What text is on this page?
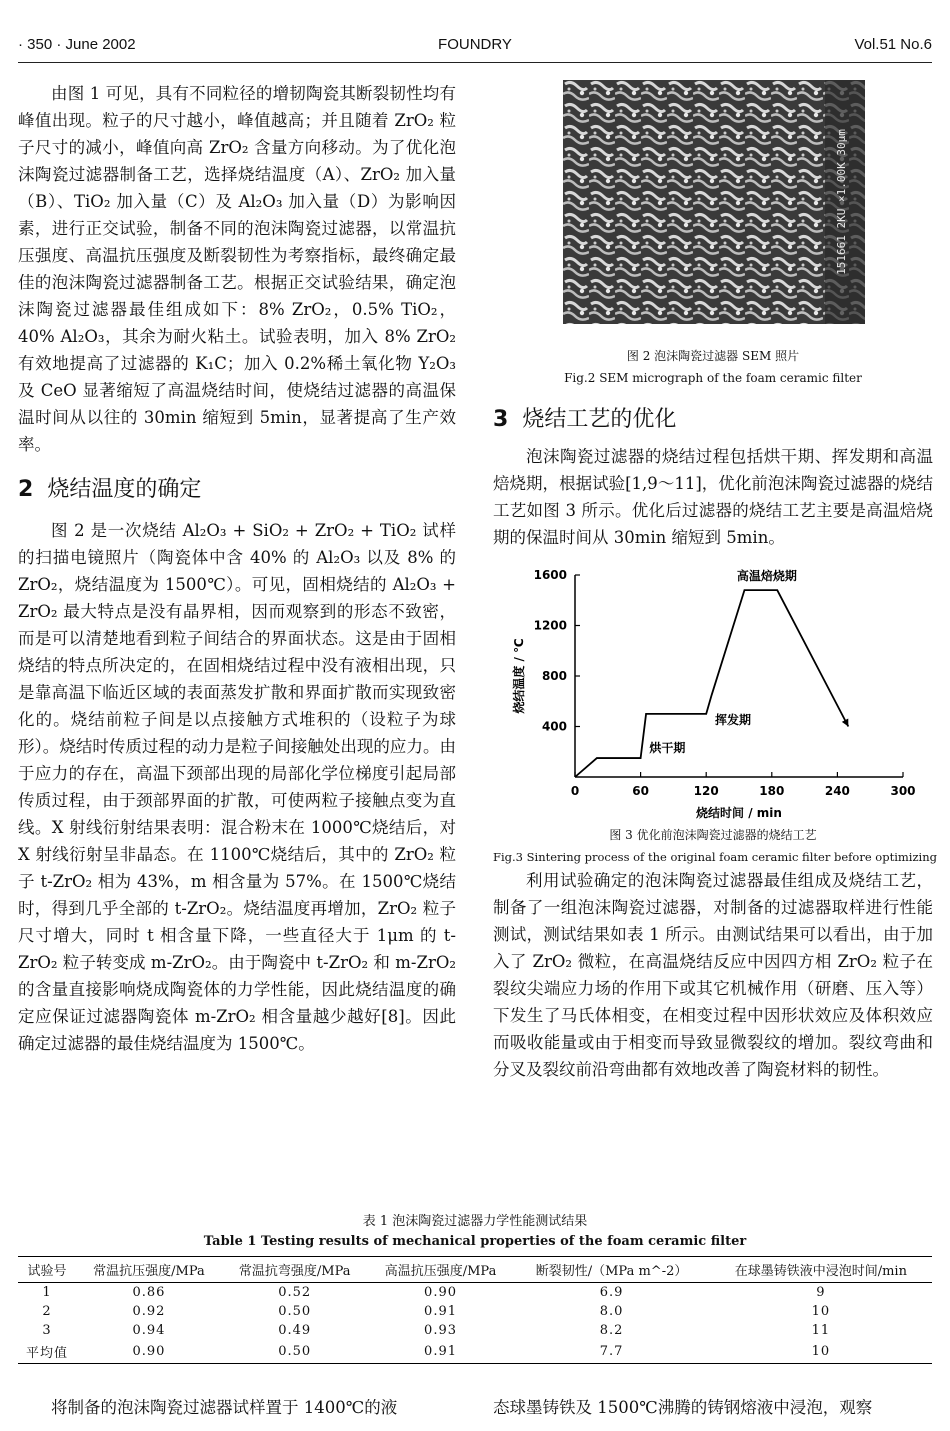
· 350 · June 2002	FOUNDRY	Vol.51 No.6

由图 1 可见，具有不同粒径的增韧陶瓷其断裂韧性均有峰值出现。粒子的尺寸越小，峰值越高；并且随着 ZrO₂ 粒子尺寸的减小，峰值向高 ZrO₂ 含量方向移动。为了优化泡沫陶瓷过滤器制备工艺，选择烧结温度（A）、ZrO₂ 加入量（B）、TiO₂ 加入量（C）及 Al₂O₃ 加入量（D）为影响因素，进行正交试验，制备不同的泡沫陶瓷过滤器，以常温抗压强度、高温抗压强度及断裂韧性为考察指标，最终确定最佳的泡沫陶瓷过滤器制备工艺。根据正交试验结果，确定泡沫陶瓷过滤器最佳组成如下：8% ZrO₂，0.5% TiO₂，40% Al₂O₃，其余为耐火粘土。试验表明，加入 8% ZrO₂ 有效地提高了过滤器的 K₁C；加入 0.2%稀土氧化物 Y₂O₃ 及 CeO 显著缩短了高温烧结时间，使烧结过滤器的高温保温时间从以往的 30min 缩短到 5min，显著提高了生产效率。

2 烧结温度的确定

图 2 是一次烧结 Al₂O₃ + SiO₂ + ZrO₂ + TiO₂ 试样的扫描电镜照片（陶瓷体中含 40% 的 Al₂O₃ 以及 8% 的 ZrO₂，烧结温度为 1500℃）。可见，固相烧结的 Al₂O₃ + ZrO₂ 最大特点是没有晶界相，因而观察到的形态不致密，而是可以清楚地看到粒子间结合的界面状态。这是由于固相烧结的特点所决定的，在固相烧结过程中没有液相出现，只是靠高温下临近区域的表面蒸发扩散和界面扩散而实现致密化的。烧结前粒子间是以点接触方式堆积的（设粒子为球形）。烧结时传质过程的动力是粒子间接触处出现的应力。由于应力的存在，高温下颈部出现的局部化学位梯度引起局部传质过程，由于颈部界面的扩散，可使两粒子接触点变为直线。X 射线衍射结果表明：混合粉末在 1000℃烧结后，对 X 射线衍射呈非晶态。在 1100℃烧结后，其中的 ZrO₂ 粒子 t-ZrO₂ 相为 43%，m 相含量为 57%。在 1500℃烧结时，得到几乎全部的 t-ZrO₂。烧结温度再增加，ZrO₂ 粒子尺寸增大，同时 t 相含量下降，一些直径大于 1μm 的 t-ZrO₂ 粒子转变成 m-ZrO₂。由于陶瓷中 t-ZrO₂ 和 m-ZrO₂ 的含量直接影响烧成陶瓷体的力学性能，因此烧结温度的确定应保证过滤器陶瓷体 m-ZrO₂ 相含量越少越好[8]。因此确定过滤器的最佳烧结温度为 1500℃。

151661 2KU ×1.00K 30μm

图 2 泡沫陶瓷过滤器 SEM 照片

Fig.2 SEM micrograph of the foam ceramic filter

3 烧结工艺的优化

泡沫陶瓷过滤器的烧结过程包括烘干期、挥发期和高温焙烧期，根据试验[1,9～11]，优化前泡沫陶瓷过滤器的烧结工艺如图 3 所示。优化后过滤器的烧结工艺主要是高温焙烧期的保温时间从 30min 缩短到 5min。

0	60	120	180	240	300
400
800
1200
1600
烧结时间 / min
烧结温度 / ℃
烘干期
挥发期
高温焙烧期

图 3 优化前泡沫陶瓷过滤器的烧结工艺

Fig.3 Sintering process of the original foam ceramic filter before optimizing

利用试验确定的泡沫陶瓷过滤器最佳组成及烧结工艺，制备了一组泡沫陶瓷过滤器，对制备的过滤器取样进行性能测试，测试结果如表 1 所示。由测试结果可以看出，由于加入了 ZrO₂ 微粒，在高温烧结反应中因四方相 ZrO₂ 粒子在裂纹尖端应力场的作用下或其它机械作用（研磨、压入等）下发生了马氏体相变，在相变过程中因形状效应及体积效应而吸收能量或由于相变而导致显微裂纹的增加。裂纹弯曲和分叉及裂纹前沿弯曲都有效地改善了陶瓷材料的韧性。

表 1 泡沫陶瓷过滤器力学性能测试结果

Table 1 Testing results of mechanical properties of the foam ceramic filter

试验号	常温抗压强度/MPa	常温抗弯强度/MPa	高温抗压强度/MPa	断裂韧性/（MPa m^-2）	在球墨铸铁液中浸泡时间/min
1	0.86	0.52	0.90	6.9	9
2	0.92	0.50	0.91	8.0	10
3	0.94	0.49	0.93	8.2	11
平均值	0.90	0.50	0.91	7.7	10

将制备的泡沫陶瓷过滤器试样置于 1400℃的液	态球墨铸铁及 1500℃沸腾的铸钢熔液中浸泡，观察
